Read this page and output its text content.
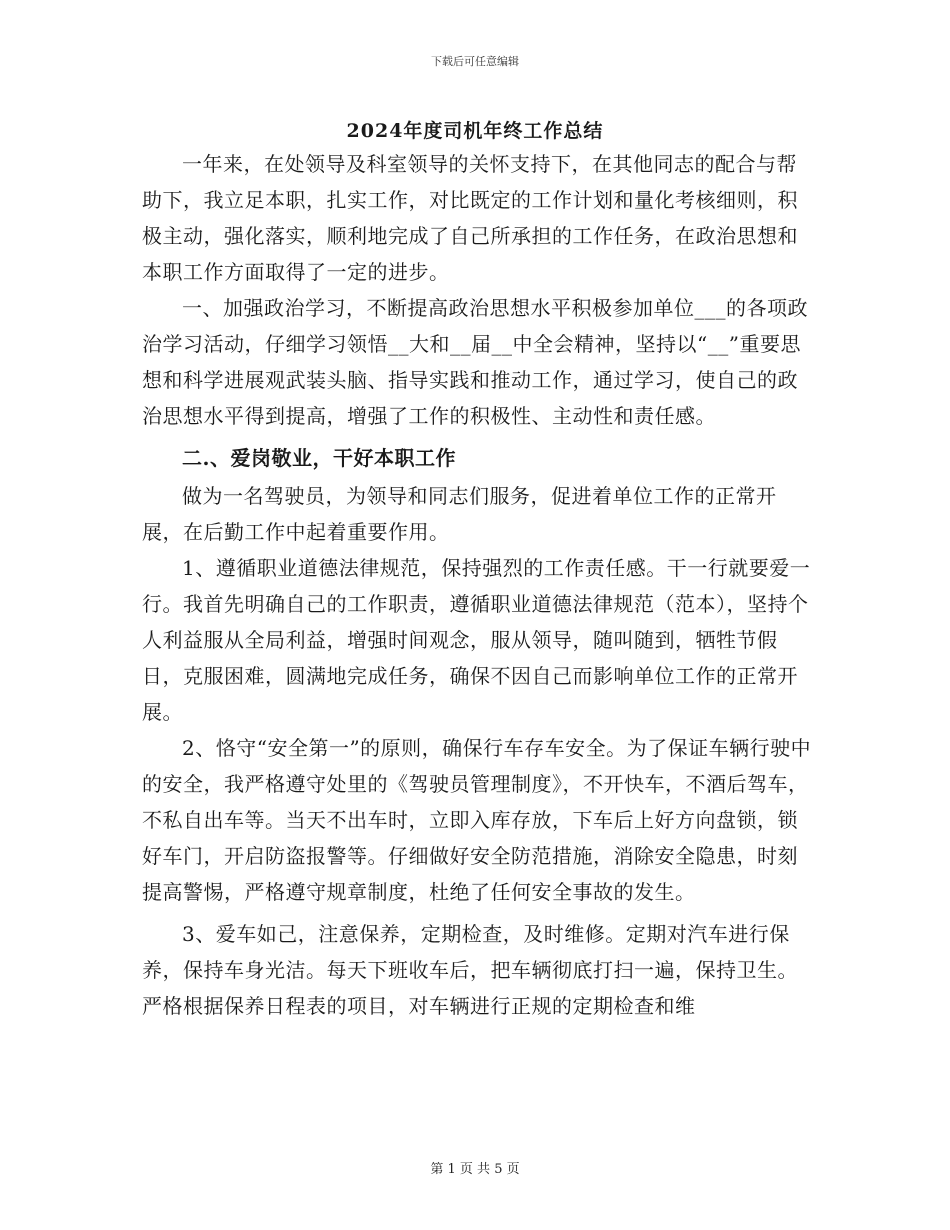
下载后可任意编辑
2024年度司机年终工作总结

一年来，在处领导及科室领导的关怀支持下，在其他同志的配合与帮助下，我立足本职，扎实工作，对比既定的工作计划和量化考核细则，积极主动，强化落实，顺利地完成了自己所承担的工作任务，在政治思想和本职工作方面取得了一定的进步。

一、加强政治学习，不断提高政治思想水平积极参加单位___的各项政治学习活动，仔细学习领悟__大和__届__中全会精神，坚持以“__”重要思想和科学进展观武装头脑、指导实践和推动工作，通过学习，使自己的政治思想水平得到提高，增强了工作的积极性、主动性和责任感。

二.、爱岗敬业，干好本职工作

做为一名驾驶员，为领导和同志们服务，促进着单位工作的正常开展，在后勤工作中起着重要作用。

1、遵循职业道德法律规范，保持强烈的工作责任感。干一行就要爱一行。我首先明确自己的工作职责，遵循职业道德法律规范（范本），坚持个人利益服从全局利益，增强时间观念，服从领导，随叫随到，牺牲节假日，克服困难，圆满地完成任务，确保不因自己而影响单位工作的正常开展。

2、恪守“安全第一”的原则，确保行车存车安全。为了保证车辆行驶中的安全，我严格遵守处里的《驾驶员管理制度》，不开快车，不酒后驾车，不私自出车等。当天不出车时，立即入库存放，下车后上好方向盘锁，锁好车门，开启防盗报警等。仔细做好安全防范措施，消除安全隐患，时刻提高警惕，严格遵守规章制度，杜绝了任何安全事故的发生。

3、爱车如己，注意保养，定期检查，及时维修。定期对汽车进行保养，保持车身光洁。每天下班收车后，把车辆彻底打扫一遍，保持卫生。严格根据保养日程表的项目，对车辆进行正规的定期检查和维

第 1 页 共 5 页
